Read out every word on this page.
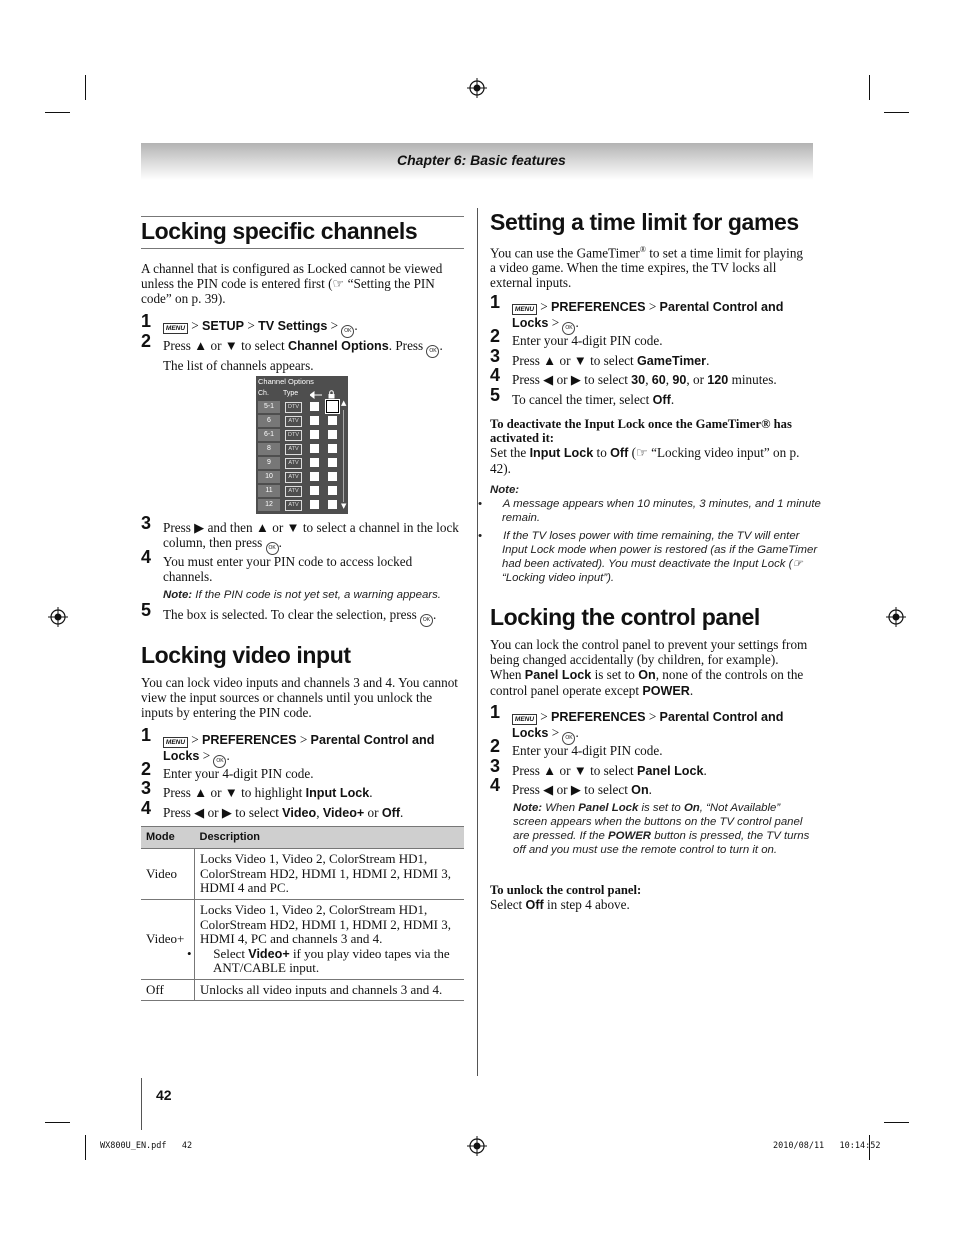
Chapter 6: Basic features
Locking specific channels

A channel that is configured as Locked cannot be viewed unless the PIN code is entered first (☞ “Setting the PIN code” on p. 39).

1 MENU > SETUP > TV Settings > OK .
2 Press ▲ or ▼ to select Channel Options. Press OK . The list of channels appears.
Channel Options
Ch. Type
5-1	DTV
6	ATV
6-1	DTV
8	ATV
9	ATV
10	ATV
11	ATV
12	ATV
▲
▼
3 Press ▶ and then ▲ or ▼ to select a channel in the lock column, then press OK .
4 You must enter your PIN code to access locked channels.
Note: If the PIN code is not yet set, a warning appears.
5 The box is selected. To clear the selection, press OK .
Locking video input

You can lock video inputs and channels 3 and 4. You cannot view the input sources or channels until you unlock the inputs by entering the PIN code.

1 MENU > PREFERENCES > Parental Control and Locks > OK .
2 Enter your 4-digit PIN code.
3 Press ▲ or ▼ to highlight Input Lock.
4 Press ◀ or ▶ to select Video, Video+ or Off.
Mode	Description
Video	Locks Video 1, Video 2, ColorStream HD1, ColorStream HD2, HDMI 1, HDMI 2, HDMI 3, HDMI 4 and PC.
Video+	Locks Video 1, Video 2, ColorStream HD1, ColorStream HD2, HDMI 1, HDMI 2, HDMI 3, HDMI 4, PC and channels 3 and 4.
• Select Video+ if you play video tapes via the ANT/CABLE input.

Off	Unlocks all video inputs and channels 3 and 4.
42
WX800U_EN.pdf   42	2010/08/11   10:14:52
Setting a time limit for games

You can use the GameTimer® to set a time limit for playing a video game. When the time expires, the TV locks all external inputs.

1 MENU > PREFERENCES > Parental Control and Locks > OK .
2 Enter your 4-digit PIN code.
3 Press ▲ or ▼ to select GameTimer.
4 Press ◀ or ▶ to select 30, 60, 90, or 120 minutes.
5 To cancel the timer, select Off.

To deactivate the Input Lock once the GameTimer® has activated it:

Set the Input Lock to Off (☞ “Locking video input” on p. 42).

Note:
• A message appears when 10 minutes, 3 minutes, and 1 minute remain.
• If the TV loses power with time remaining, the TV will enter Input Lock mode when power is restored (as if the GameTimer had been activated). You must deactivate the Input Lock (☞ “Locking video input”).
Locking the control panel

You can lock the control panel to prevent your settings from being changed accidentally (by children, for example). When Panel Lock is set to On, none of the controls on the control panel operate except POWER.

1 MENU > PREFERENCES > Parental Control and Locks > OK .
2 Enter your 4-digit PIN code.
3 Press ▲ or ▼ to select Panel Lock.
4 Press ◀ or ▶ to select On.
Note: When Panel Lock is set to On, “Not Available” screen appears when the buttons on the TV control panel are pressed. If the POWER button is pressed, the TV turns off and you must use the remote control to turn it on.

To unlock the control panel:

Select Off in step 4 above.
